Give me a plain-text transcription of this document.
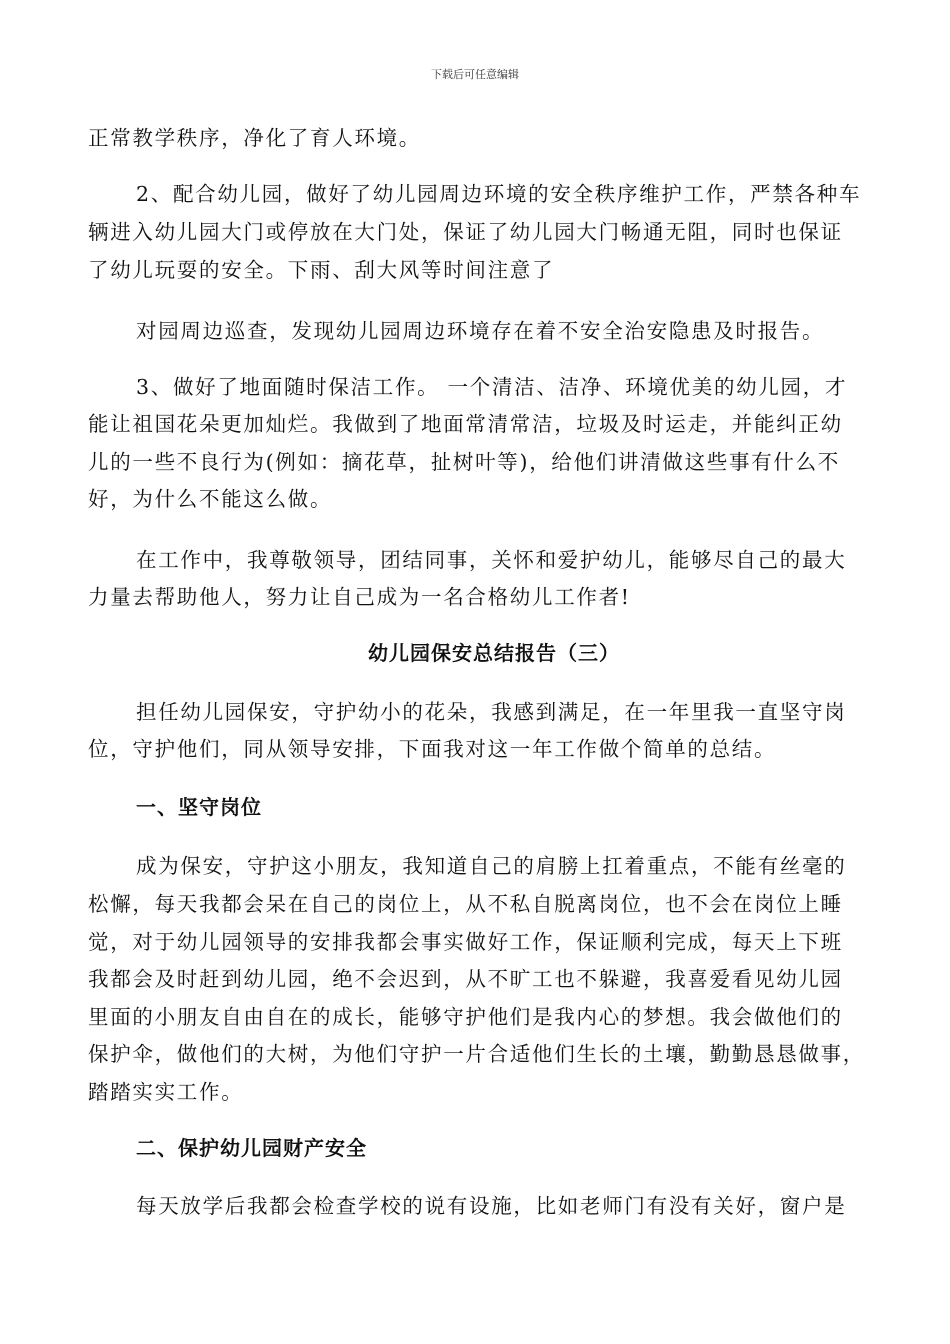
下载后可任意编辑
正常教学秩序，净化了育人环境。
2、配合幼儿园，做好了幼儿园周边环境的安全秩序维护工作，严禁各种车
辆进入幼儿园大门或停放在大门处，保证了幼儿园大门畅通无阻，同时也保证
了幼儿玩耍的安全。下雨、刮大风等时间注意了
对园周边巡查，发现幼儿园周边环境存在着不安全治安隐患及时报告。
3、做好了地面随时保洁工作。 一个清洁、洁净、环境优美的幼儿园，才
能让祖国花朵更加灿烂。我做到了地面常清常洁，垃圾及时运走，并能纠正幼
儿的一些不良行为(例如：摘花草，扯树叶等)，给他们讲清做这些事有什么不
好，为什么不能这么做。
在工作中，我尊敬领导，团结同事，关怀和爱护幼儿，能够尽自己的最大
力量去帮助他人，努力让自己成为一名合格幼儿工作者!
幼儿园保安总结报告（三）
担任幼儿园保安，守护幼小的花朵，我感到满足，在一年里我一直坚守岗
位，守护他们，同从领导安排，下面我对这一年工作做个简单的总结。
一、坚守岗位
成为保安，守护这小朋友，我知道自己的肩膀上扛着重点，不能有丝毫的
松懈，每天我都会呆在自己的岗位上，从不私自脱离岗位，也不会在岗位上睡
觉，对于幼儿园领导的安排我都会事实做好工作，保证顺利完成，每天上下班
我都会及时赶到幼儿园，绝不会迟到，从不旷工也不躲避，我喜爱看见幼儿园
里面的小朋友自由自在的成长，能够守护他们是我内心的梦想。我会做他们的
保护伞，做他们的大树，为他们守护一片合适他们生长的土壤，勤勤恳恳做事，
踏踏实实工作。
二、保护幼儿园财产安全
每天放学后我都会检查学校的说有设施，比如老师门有没有关好，窗户是
